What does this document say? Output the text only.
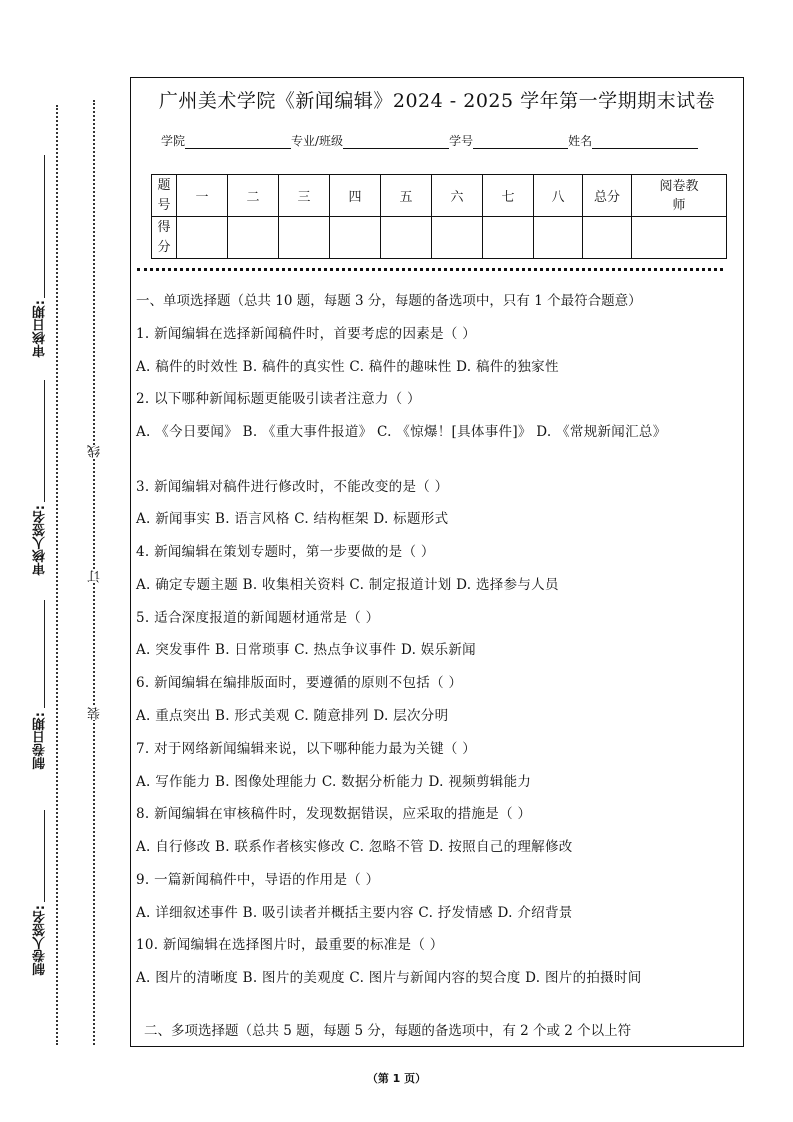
审核日期:
审核人签名:
制卷日期:
制卷人签名:
线
订
装
广州美术学院《新闻编辑》2024 - 2025 学年第一学期期末试卷
学院	专业/班级	学号	姓名
题号	一	二	三	四	五	六	七	八	总分	阅卷教师
得分										
一、单项选择题（总共 10 题，每题 3 分，每题的备选项中，只有 1 个最符合题意）
1. 新闻编辑在选择新闻稿件时，首要考虑的因素是（ ）
A. 稿件的时效性 B. 稿件的真实性 C. 稿件的趣味性 D. 稿件的独家性
2. 以下哪种新闻标题更能吸引读者注意力（ ）
A. 《今日要闻》 B. 《重大事件报道》 C. 《惊爆！[具体事件]》 D. 《常规新闻汇总》
3. 新闻编辑对稿件进行修改时，不能改变的是（ ）
A. 新闻事实 B. 语言风格 C. 结构框架 D. 标题形式
4. 新闻编辑在策划专题时，第一步要做的是（ ）
A. 确定专题主题 B. 收集相关资料 C. 制定报道计划 D. 选择参与人员
5. 适合深度报道的新闻题材通常是（ ）
A. 突发事件 B. 日常琐事 C. 热点争议事件 D. 娱乐新闻
6. 新闻编辑在编排版面时，要遵循的原则不包括（ ）
A. 重点突出 B. 形式美观 C. 随意排列 D. 层次分明
7. 对于网络新闻编辑来说，以下哪种能力最为关键（ ）
A. 写作能力 B. 图像处理能力 C. 数据分析能力 D. 视频剪辑能力
8. 新闻编辑在审核稿件时，发现数据错误，应采取的措施是（ ）
A. 自行修改 B. 联系作者核实修改 C. 忽略不管 D. 按照自己的理解修改
9. 一篇新闻稿件中，导语的作用是（ ）
A. 详细叙述事件 B. 吸引读者并概括主要内容 C. 抒发情感 D. 介绍背景
10. 新闻编辑在选择图片时，最重要的标准是（ ）
A. 图片的清晰度 B. 图片的美观度 C. 图片与新闻内容的契合度 D. 图片的拍摄时间
二、多项选择题（总共 5 题，每题 5 分，每题的备选项中，有 2 个或 2 个以上符
（第 1 页）
